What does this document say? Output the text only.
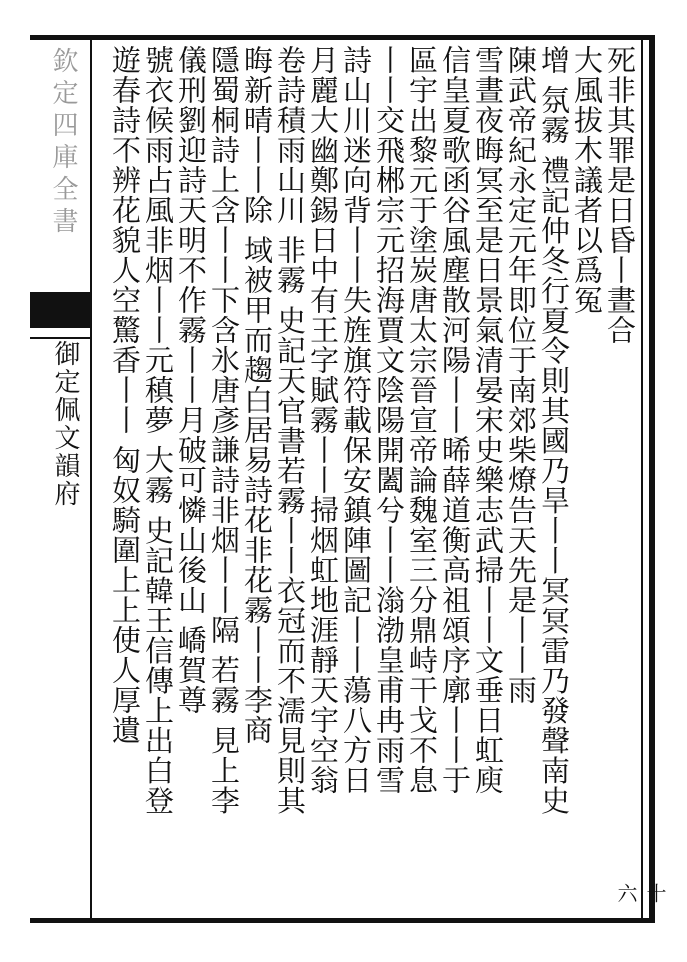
欽定四庫全書
御定佩文韻府
死非其罪是日昏丨晝合
大風拔木議者以爲冤
增 氛霧 禮記仲冬行夏令則其國乃旱丨丨冥冥雷乃發聲南史
陳武帝紀永定元年即位于南郊柴燎告天先是丨丨雨
雪晝夜晦冥至是日景氣清晏宋史樂志武掃丨丨文垂日虹庾
信皇夏歌函谷風塵散河陽丨丨晞薛道衡高祖頌序廓丨丨于
區宇出黎元于塗炭唐太宗晉宣帝論魏室三分鼎峙干戈不息
丨丨交飛郴宗元招海賈文陰陽開闔兮丨丨滃渤皇甫冉雨雪
詩山川迷向背丨丨失旌旗符載保安鎮陣圖記丨丨蕩八方日
月麗大幽鄭錫日中有王字賦霧丨丨掃烟虹地涯靜天宇空翁
卷詩積雨山川 非霧 史記天官書若霧丨丨衣冠而不濡見則其
晦新晴丨丨除 域被甲而趨白居易詩花非花霧丨丨李商
隱蜀桐詩上含丨丨下含氷唐彥謙詩非烟丨丨隔 若霧 見上李
儀刑劉迎詩天明不作霧丨丨月破可憐山後山 嶠賀尊
號衣候雨占風非烟丨丨元稹夢 大霧 史記韓王信傳上出白登
遊春詩不辨花貌人空驚香丨丨 匈奴騎圍上上使人厚遺
十六
